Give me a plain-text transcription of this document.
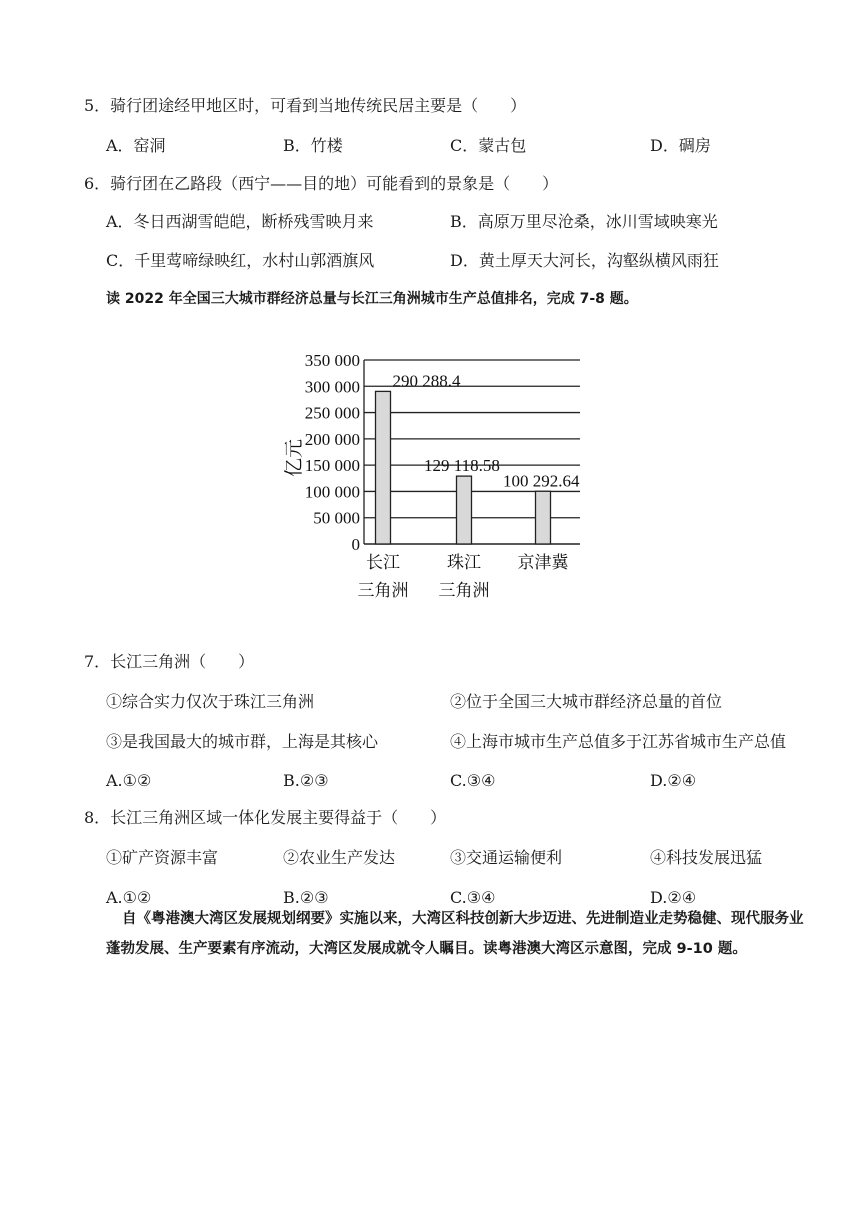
5．骑行团途经甲地区时，可看到当地传统民居主要是（　　）
A．窑洞	B．竹楼	C．蒙古包	D．碉房
6．骑行团在乙路段（西宁——目的地）可能看到的景象是（　　）
A．冬日西湖雪皑皑，断桥残雪映月来	B．高原万里尽沧桑，冰川雪域映寒光
C．千里莺啼绿映红，水村山郭酒旗风	D．黄土厚天大河长，沟壑纵横风雨狂
读 2022 年全国三大城市群经济总量与长江三角洲城市生产总值排名，完成 7-8 题。
0
50 000
100 000
150 000
200 000
250 000
300 000
350 000
290 288.4
129 118.58
100 292.64
长江
三角洲
珠江
三角洲
京津冀
亿元
7．长江三角洲（　　）
①综合实力仅次于珠江三角洲	②位于全国三大城市群经济总量的首位
③是我国最大的城市群，上海是其核心	④上海市城市生产总值多于江苏省城市生产总值
A.①②	B.②③	C.③④	D.②④
8．长江三角洲区域一体化发展主要得益于（　　）
①矿产资源丰富	②农业生产发达	③交通运输便利	④科技发展迅猛
A.①②	B.②③	C.③④	D.②④
自《粤港澳大湾区发展规划纲要》实施以来，大湾区科技创新大步迈进、先进制造业走势稳健、现代服务业蓬勃发展、生产要素有序流动，大湾区发展成就令人瞩目。读粤港澳大湾区示意图，完成 9-10 题。
